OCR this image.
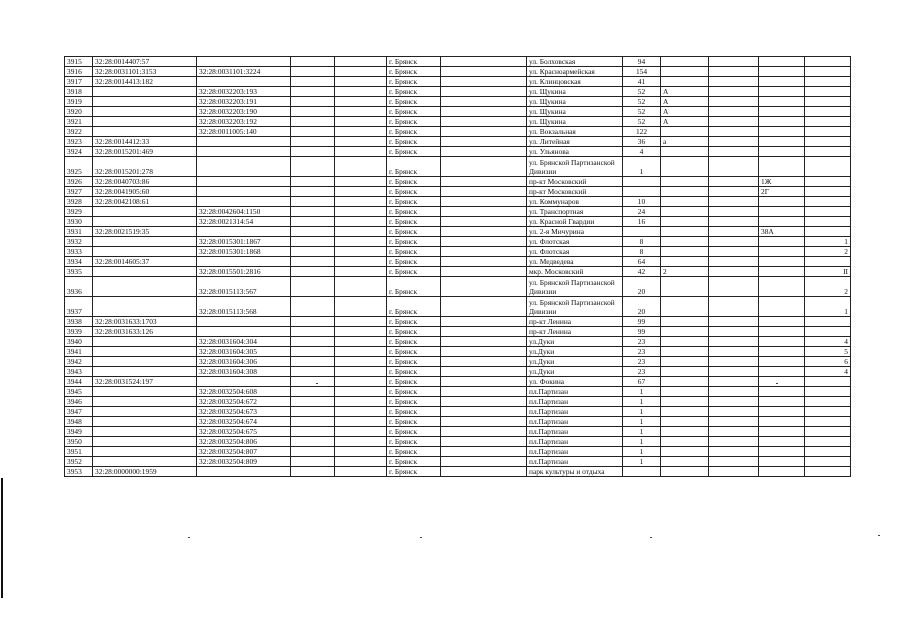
3915	32:28:0014407:57				г. Брянск		ул. Болховская	94				
3916	32:28:0031101:3153	32:28:0031101:3224			г. Брянск		ул. Красноармейская	154				
3917	32:28:0014413:182				г. Брянск		ул. Клинцовская	41				
3918		32:28:0032203:193			г. Брянск		ул. Щукина	52	А			
3919		32:28:0032203:191			г. Брянск		ул. Щукина	52	А			
3920		32:28:0032203:190			г. Брянск		ул. Щукина	52	А			
3921		32:28:0032203:192			г. Брянск		ул. Щукина	52	А			
3922		32:28:0011005:140			г. Брянск		ул. Вокзальная	122				
3923	32:28:0014412:33				г. Брянск		ул. Литейная	36	а			
3924	32:28:0015201:469				г. Брянск		ул. Ульянова	4				
3925	32:28:0015201:278				г. Брянск		ул. Брянской Партизанской Дивизии	1				
3926	32:28:0040703:86				г. Брянск		пр-кт Московский				1Ж	
3927	32:28:0041905:60				г. Брянск		пр-кт Московский				2Г	
3928	32:28:0042108:61				г. Брянск		ул. Коммунаров	10				
3929		32:28:0042604:1150			г. Брянск		ул. Транспортная	24				
3930		32:28:0021314:54			г. Брянск		ул. Красной Гвардии	16				
3931	32:28:0021519:35				г. Брянск		ул. 2-я Мичурина				38А	
3932		32:28:0015301:1867			г. Брянск		ул. Флотская	8				1
3933		32:28:0015301:1868			г. Брянск		ул. Флотская	8				2
3934	32:28:0014605:37				г. Брянск		ул. Медведева	64				
3935		32:28:0015501:2816			г. Брянск		мкр. Московский	42	2			II
3936		32:28:0015113:567			г. Брянск		ул. Брянской Партизанской Дивизии	20				2
3937		32:28:0015113:568			г. Брянск		ул. Брянской Партизанской Дивизии	20				1
3938	32:28:0031633:1703				г. Брянск		пр-кт Ленина	99				
3939	32:28:0031633:126				г. Брянск		пр-кт Ленина	99				
3940		32:28:0031604:304			г. Брянск		ул.Дуки	23				4
3941		32:28:0031604:305			г. Брянск		ул.Дуки	23				5
3942		32:28:0031604:306			г. Брянск		ул.Дуки	23				6
3943		32:28:0031604:308			г. Брянск		ул.Дуки	23				4
3944	32:28:0031524:197				г. Брянск		ул. Фокина	67				
3945		32:28:0032504:608			г. Брянск		пл.Партизан	1				
3946		32:28:0032504:672			г. Брянск		пл.Партизан	1				
3947		32:28:0032504:673			г. Брянск		пл.Партизан	1				
3948		32:28:0032504:674			г. Брянск		пл.Партизан	1				
3949		32:28:0032504:675			г. Брянск		пл.Партизан	1				
3950		32:28:0032504:806			г. Брянск		пл.Партизан	1				
3951		32:28:0032504:807			г. Брянск		пл.Партизан	1				
3952		32:28:0032504:809			г. Брянск		пл.Партизан	1				
3953	32:28:0000000:1959				г. Брянск		парк культуры и отдыха					
